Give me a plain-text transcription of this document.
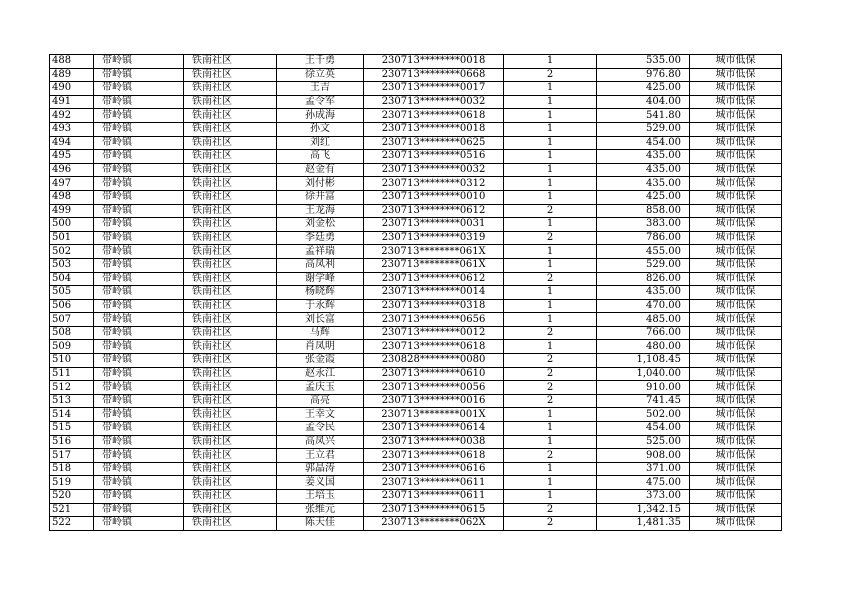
488	带岭镇	铁南社区	王千勇	230713********0018	1	535.00	城市低保
489	带岭镇	铁南社区	徐立英	230713********0668	2	976.80	城市低保
490	带岭镇	铁南社区	王吉	230713********0017	1	425.00	城市低保
491	带岭镇	铁南社区	孟令军	230713********0032	1	404.00	城市低保
492	带岭镇	铁南社区	孙成海	230713********0618	1	541.80	城市低保
493	带岭镇	铁南社区	孙文	230713********0018	1	529.00	城市低保
494	带岭镇	铁南社区	刘红	230713********0625	1	454.00	城市低保
495	带岭镇	铁南社区	高飞	230713********0516	1	435.00	城市低保
496	带岭镇	铁南社区	赵金有	230713********0032	1	435.00	城市低保
497	带岭镇	铁南社区	刘付彬	230713********0312	1	435.00	城市低保
498	带岭镇	铁南社区	徐井富	230713********0010	1	425.00	城市低保
499	带岭镇	铁南社区	王龙海	230713********0612	2	858.00	城市低保
500	带岭镇	铁南社区	刘金松	230713********0031	1	383.00	城市低保
501	带岭镇	铁南社区	李廷勇	230713********0319	2	786.00	城市低保
502	带岭镇	铁南社区	孟祥瑞	230713********061X	1	455.00	城市低保
503	带岭镇	铁南社区	高凤利	230713********061X	1	529.00	城市低保
504	带岭镇	铁南社区	谢学峰	230713********0612	2	826.00	城市低保
505	带岭镇	铁南社区	杨晓辉	230713********0014	1	435.00	城市低保
506	带岭镇	铁南社区	于永辉	230713********0318	1	470.00	城市低保
507	带岭镇	铁南社区	刘长富	230713********0656	1	485.00	城市低保
508	带岭镇	铁南社区	马辉	230713********0012	2	766.00	城市低保
509	带岭镇	铁南社区	肖凤明	230713********0618	1	480.00	城市低保
510	带岭镇	铁南社区	张金霞	230828********0080	2	1,108.45	城市低保
511	带岭镇	铁南社区	赵永江	230713********0610	2	1,040.00	城市低保
512	带岭镇	铁南社区	孟庆玉	230713********0056	2	910.00	城市低保
513	带岭镇	铁南社区	高亮	230713********0016	2	741.45	城市低保
514	带岭镇	铁南社区	王幸文	230713********001X	1	502.00	城市低保
515	带岭镇	铁南社区	孟令民	230713********0614	1	454.00	城市低保
516	带岭镇	铁南社区	高凤兴	230713********0038	1	525.00	城市低保
517	带岭镇	铁南社区	王立君	230713********0618	2	908.00	城市低保
518	带岭镇	铁南社区	郭晶涛	230713********0616	1	371.00	城市低保
519	带岭镇	铁南社区	姜义国	230713********0611	1	475.00	城市低保
520	带岭镇	铁南社区	王培玉	230713********0611	1	373.00	城市低保
521	带岭镇	铁南社区	张维元	230713********0615	2	1,342.15	城市低保
522	带岭镇	铁南社区	陈天佳	230713********062X	2	1,481.35	城市低保
